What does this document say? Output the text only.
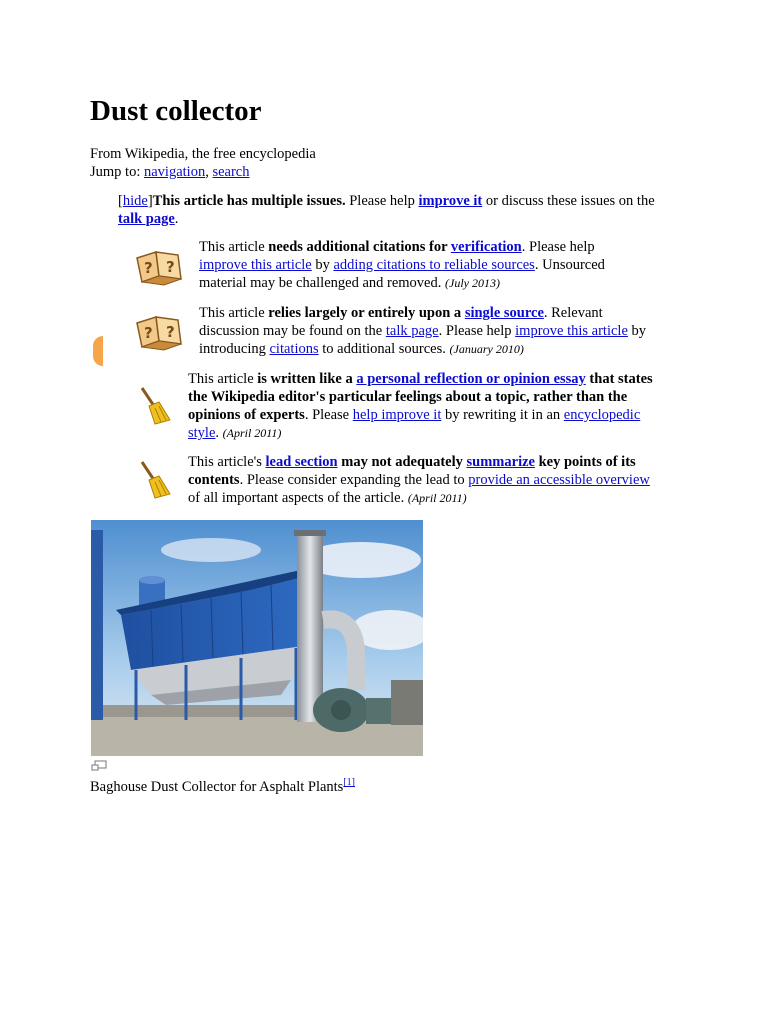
Dust collector
From Wikipedia, the free encyclopedia
Jump to: navigation, search
[hide]This article has multiple issues. Please help improve it or discuss these issues on the talk page.
? ?
? ?
This article needs additional citations for verification. Please help improve this article by adding citations to reliable sources. Unsourced material may be challenged and removed. (July 2013)
This article relies largely or entirely upon a single source. Relevant discussion may be found on the talk page. Please help improve this article by introducing citations to additional sources. (January 2010)
This article is written like a a personal reflection or opinion essay that states the Wikipedia editor's particular feelings about a topic, rather than the opinions of experts. Please help improve it by rewriting it in an encyclopedic style. (April 2011)
This article's lead section may not adequately summarize key points of its contents. Please consider expanding the lead to provide an accessible overview of all important aspects of the article. (April 2011)
Baghouse Dust Collector for Asphalt Plants[1]
